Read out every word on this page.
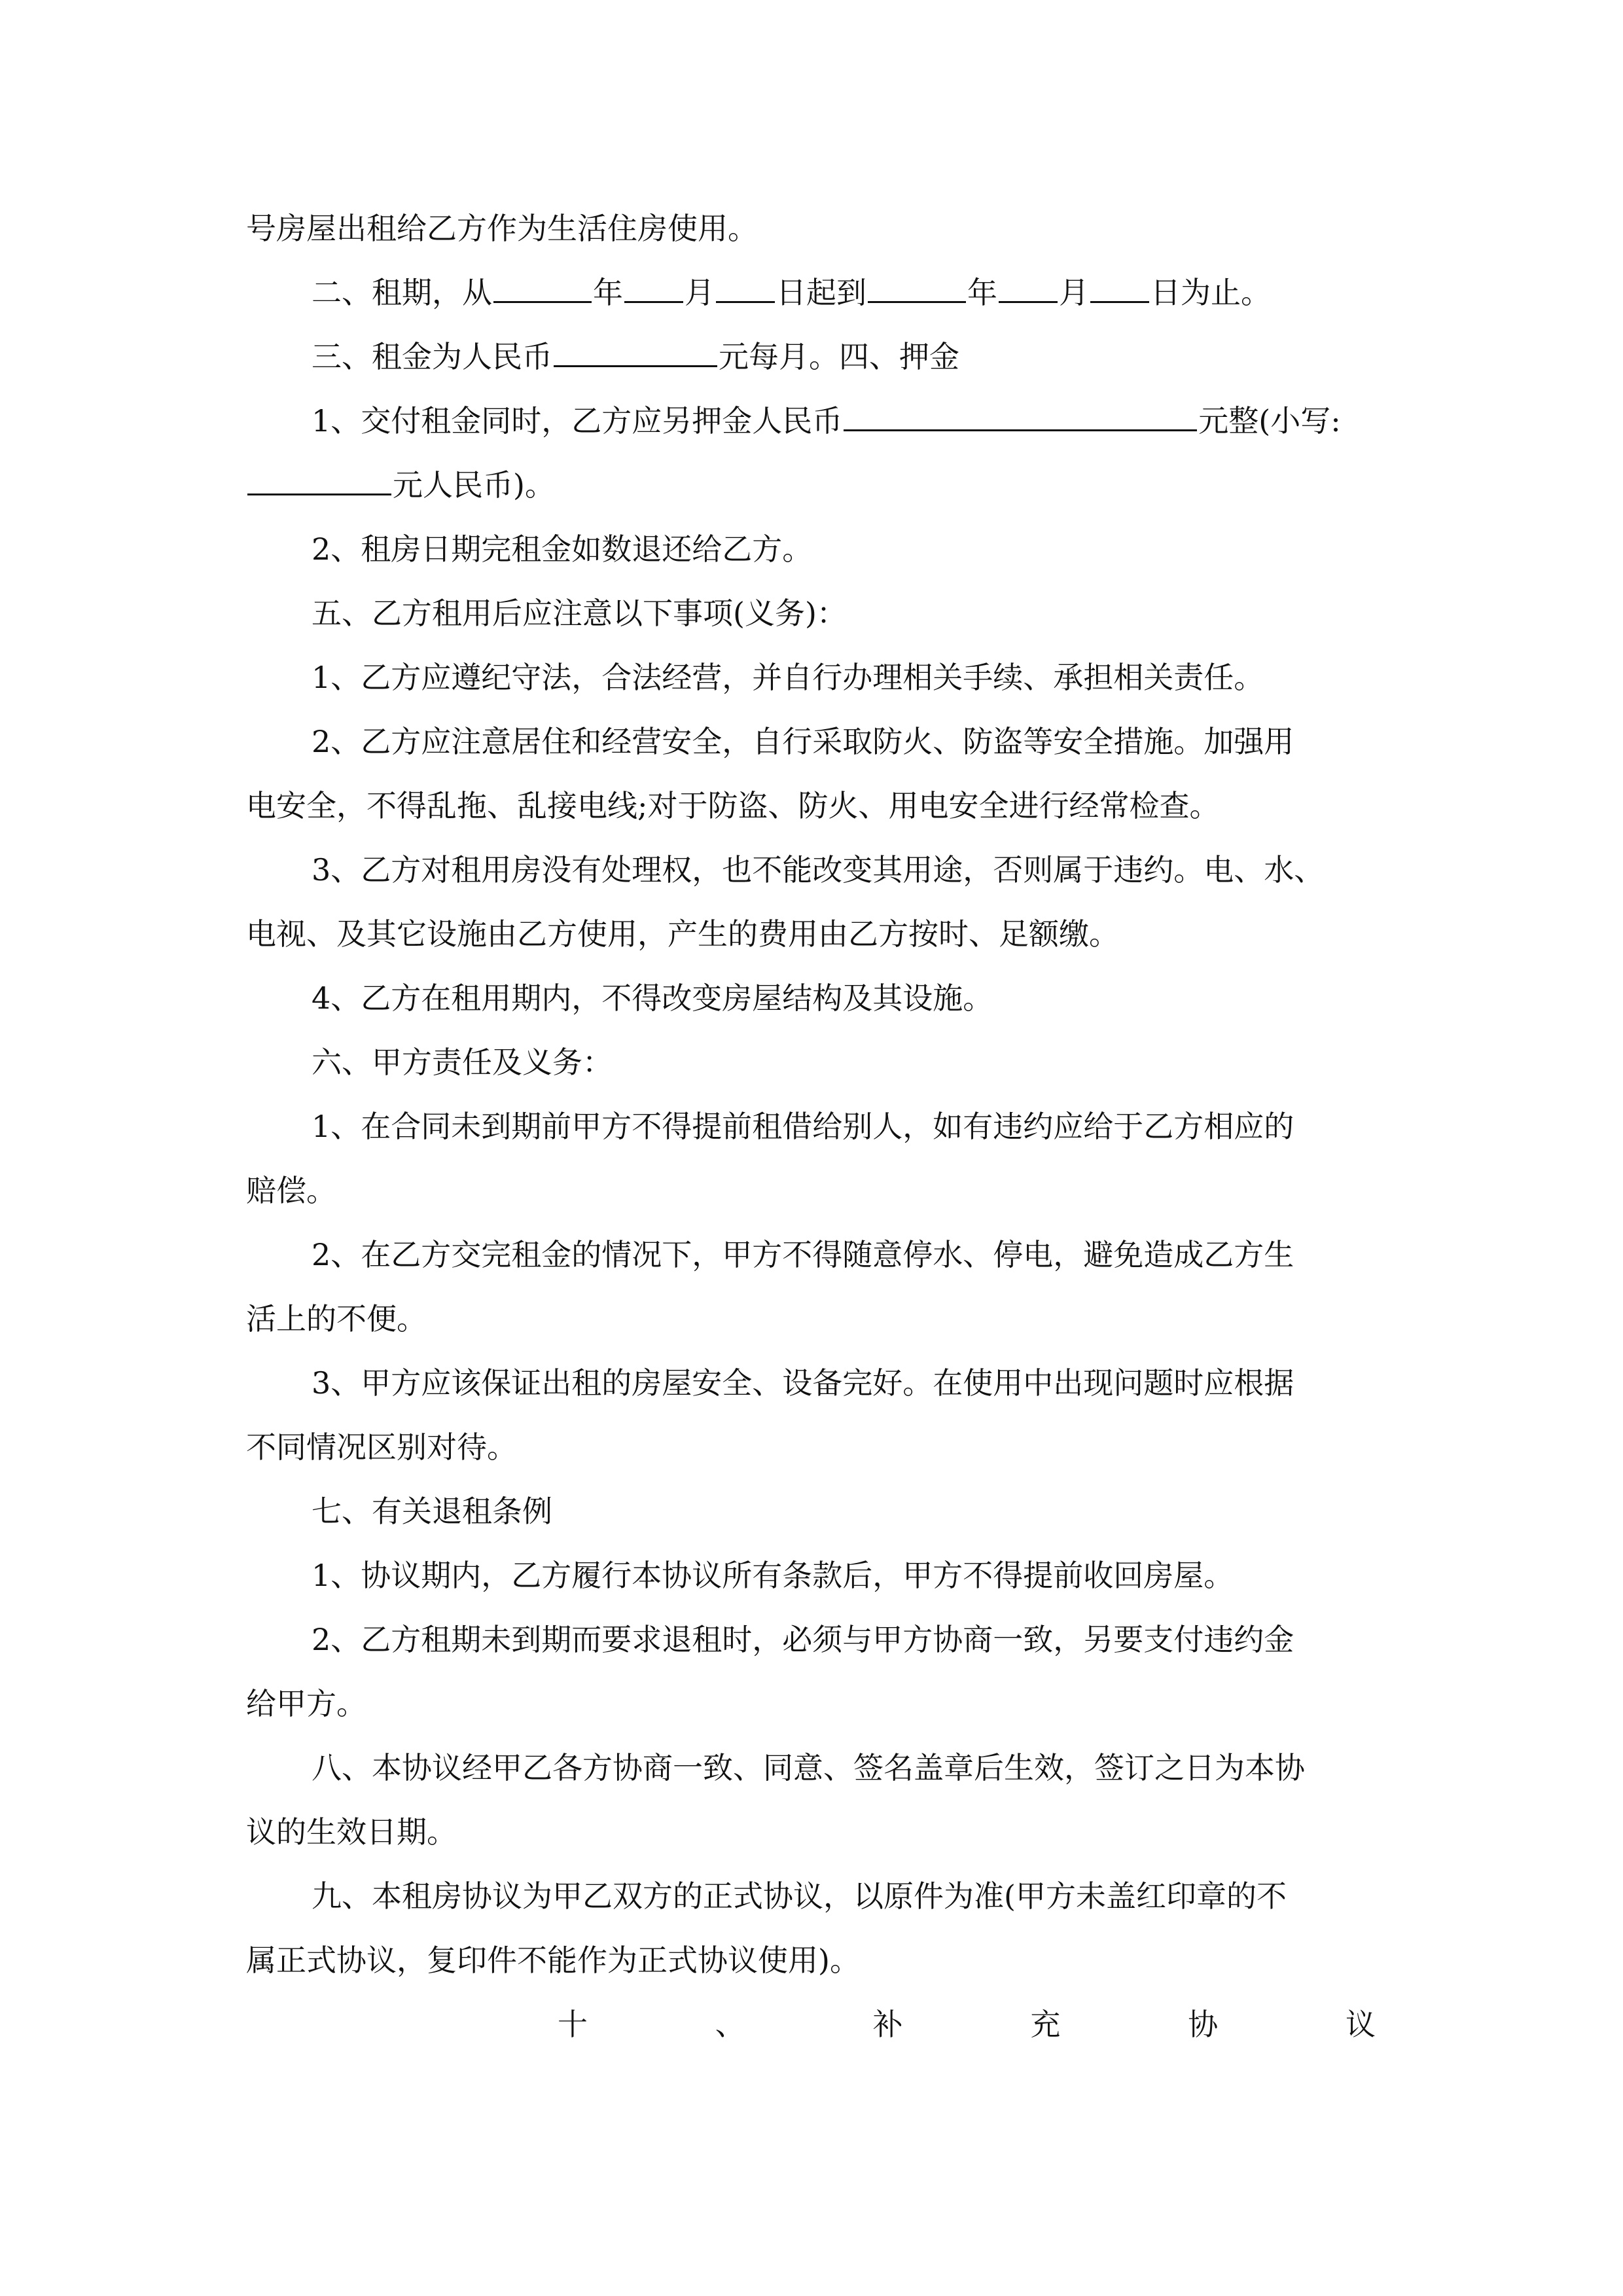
号房屋出租给乙方作为生活住房使用。
二、租期，从	年 月 日起到	年 月 日为止。
三、租金为人民币	元每月。四、押金
1、交付租金同时，乙方应另押金人民币	元整(小写:
元人民币)。
2、租房日期完租金如数退还给乙方。
五、乙方租用后应注意以下事项(义务)：
1、乙方应遵纪守法，合法经营，并自行办理相关手续、承担相关责任。
2、乙方应注意居住和经营安全，自行采取防火、防盗等安全措施。加强用
电安全，不得乱拖、乱接电线;对于防盗、防火、用电安全进行经常检查。
3、乙方对租用房没有处理权，也不能改变其用途，否则属于违约。电、水、
电视、及其它设施由乙方使用，产生的费用由乙方按时、足额缴。
4、乙方在租用期内，不得改变房屋结构及其设施。
六、甲方责任及义务：
1、在合同未到期前甲方不得提前租借给别人，如有违约应给于乙方相应的
赔偿。
2、在乙方交完租金的情况下，甲方不得随意停水、停电，避免造成乙方生
活上的不便。
3、甲方应该保证出租的房屋安全、设备完好。在使用中出现问题时应根据
不同情况区别对待。
七、有关退租条例
1、协议期内，乙方履行本协议所有条款后，甲方不得提前收回房屋。
2、乙方租期未到期而要求退租时，必须与甲方协商一致，另要支付违约金
给甲方。
八、本协议经甲乙各方协商一致、同意、签名盖章后生效，签订之日为本协
议的生效日期。
九、本租房协议为甲乙双方的正式协议，以原件为准(甲方未盖红印章的不
属正式协议，复印件不能作为正式协议使用)。
十	、	补	充	协	议
